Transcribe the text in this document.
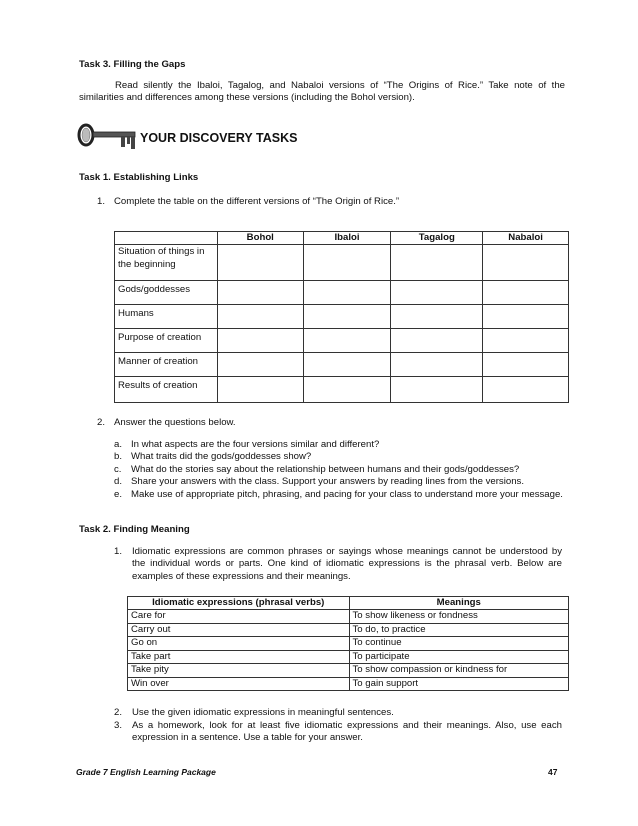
Task 3. Filling the Gaps
Read silently the Ibaloi, Tagalog, and Nabaloi versions of “The Origins of Rice.” Take note of the similarities and differences among these versions (including the Bohol version).
YOUR DISCOVERY TASKS
Task 1. Establishing Links
1. Complete the table on the different versions of “The Origin of Rice.”
	Bohol	Ibaloi	Tagalog	Nabaloi
Situation of things in the beginning				
Gods/goddesses				
Humans				
Purpose of creation				
Manner of creation				
Results of creation				
2. Answer the questions below.
a. In what aspects are the four versions similar and different?
b. What traits did the gods/goddesses show?
c. What do the stories say about the relationship between humans and their gods/goddesses?
d. Share your answers with the class. Support your answers by reading lines from the versions.
e. Make use of appropriate pitch, phrasing, and pacing for your class to understand more your message.
Task 2. Finding Meaning
1.	Idiomatic expressions are common phrases or sayings whose meanings cannot be understood by the individual words or parts. One kind of idiomatic expressions is the phrasal verb. Below are examples of these expressions and their meanings.
Idiomatic expressions (phrasal verbs)	Meanings
Care for	To show likeness or fondness
Carry out	To do, to practice
Go on	To continue
Take part	To participate
Take pity	To show compassion or kindness for
Win over	To gain support
2.	Use the given idiomatic expressions in meaningful sentences.
3.	As a homework, look for at least five idiomatic expressions and their meanings. Also, use each expression in a sentence. Use a table for your answer.
Grade 7 English Learning Package	47
